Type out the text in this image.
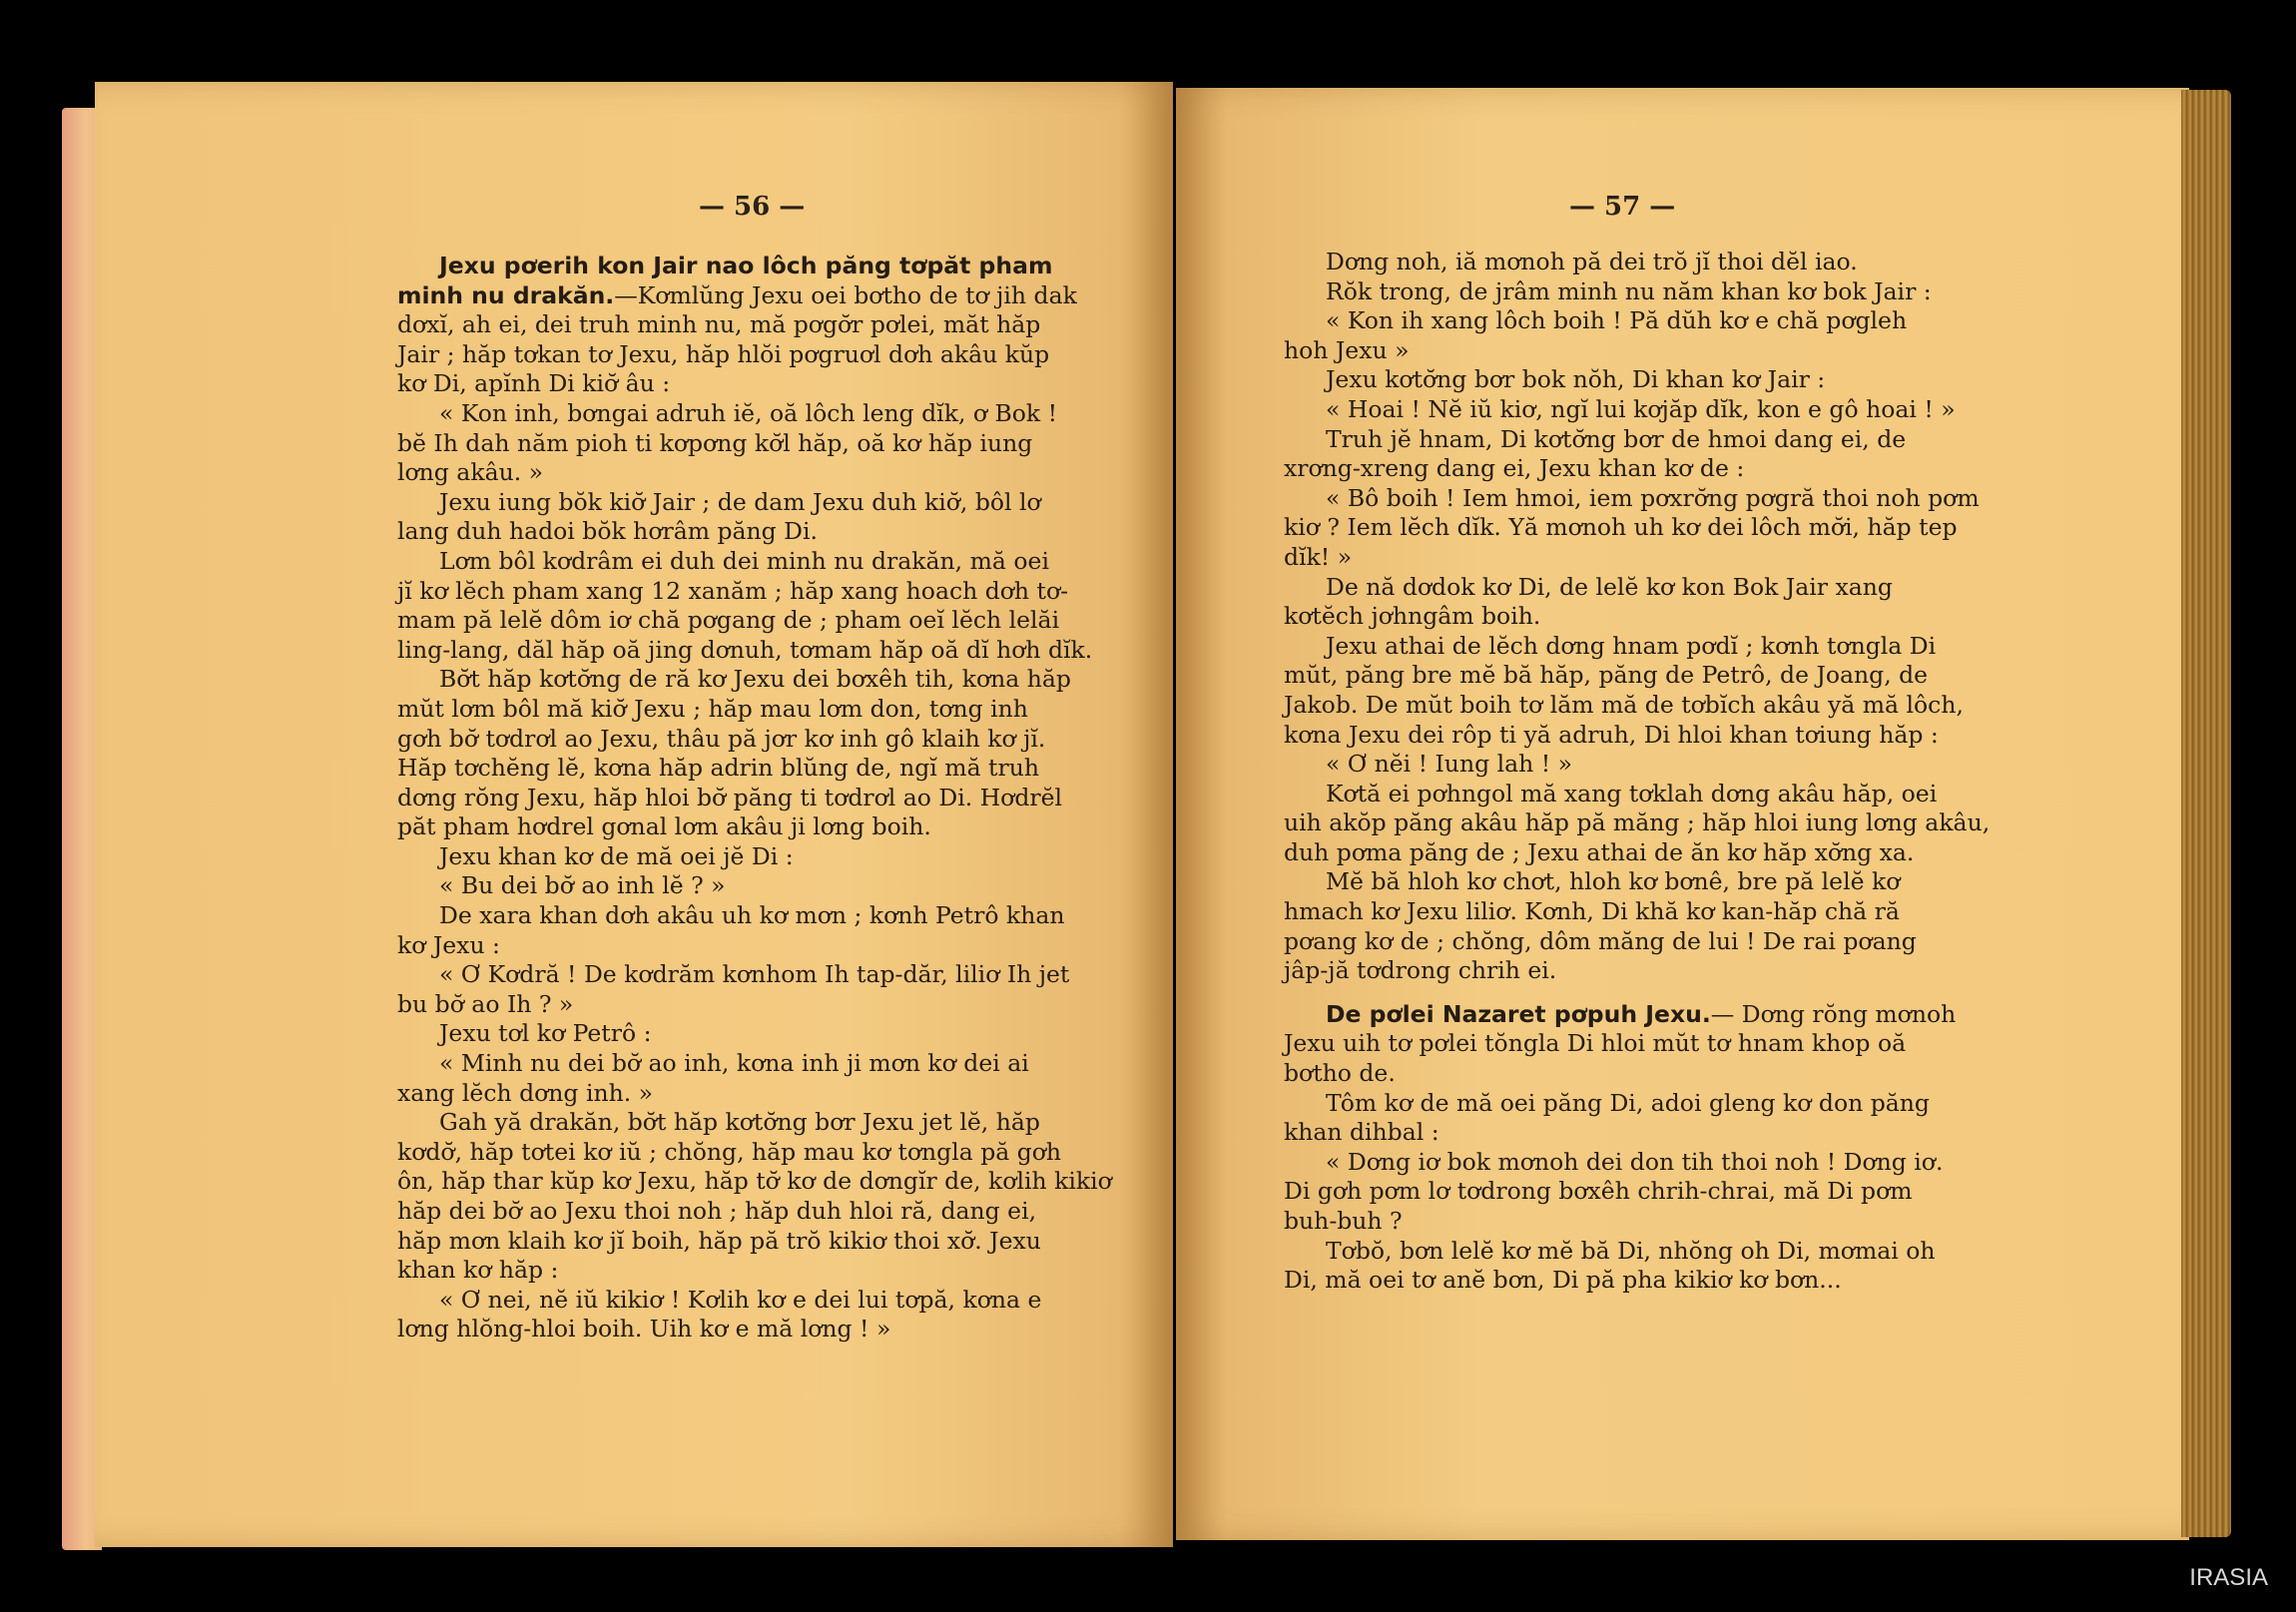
— 56 —	— 57 —

Jexu pơerih kon Jair nao lôch păng tơpăt pham

minh nu drakăn.—Kơmlŭng Jexu oei bơtho de tơ jih dak

dơxĭ, ah ei, dei truh minh nu, mă pơgơ̆r pơlei, măt hăp

Jair ; hăp tơkan tơ Jexu, hăp hlŏi pơgruơl dơh akâu kŭp

kơ Di, apĭnh Di kiơ̆ âu :

« Kon inh, bơngai adruh iĕ, oă lôch leng dĭk, ơ Bok !

bĕ Ih dah năm pioh ti kơpơng kơ̆l hăp, oă kơ hăp iung

lơng akâu. »

Jexu iung bŏk kiơ̆ Jair ; de dam Jexu duh kiơ̆, bôl lơ

lang duh hadoi bŏk hơrâm păng Di.

Lơm bôl kơdrâm ei duh dei minh nu drakăn, mă oei

jĭ kơ lĕch pham xang 12 xanăm ; hăp xang hoach dơh tơ-

mam pă lelĕ dôm iơ chă pơgang de ; pham oeĭ lĕch lelăi

ling-lang, dăl hăp oă jing dơnuh, tơmam hăp oă dĭ hơh dĭk.

Bơ̆t hăp kơtơ̆ng de ră kơ Jexu dei bơxêh tih, kơna hăp

mŭt lơm bôl mă kiơ̆ Jexu ; hăp mau lơm don, tơng inh

gơh bơ̆ tơdrơl ao Jexu, thâu pă jơr kơ inh gô klaih kơ jĭ.

Hăp tơchĕng lĕ, kơna hăp adrin blŭng de, ngĭ mă truh

dơng rŏng Jexu, hăp hloi bơ̆ păng ti tơdrơl ao Di. Hơdrĕl

păt pham hơdrel gơnal lơm akâu ji lơng boih.

Jexu khan kơ de mă oei jĕ Di :

« Bu dei bơ̆ ao inh lĕ ? »

De xara khan dơh akâu uh kơ mơn ; kơnh Petrô khan

kơ Jexu :

« Ơ Kơdră ! De kơdrăm kơnhom Ih tap-dăr, liliơ Ih jet

bu bơ̆ ao Ih ? »

Jexu tơl kơ Petrô :

« Minh nu dei bơ̆ ao inh, kơna inh ji mơn kơ dei ai

xang lĕch dơng inh. »

Gah yă drakăn, bơ̆t hăp kơtơ̆ng bơr Jexu jet lĕ, hăp

kơdơ̆, hăp tơtei kơ iŭ ; chŏng, hăp mau kơ tơngla pă gơh

ôn, hăp thar kŭp kơ Jexu, hăp tơ̆ kơ de dơngĭr de, kơlih kikiơ

hăp dei bơ̆ ao Jexu thoi noh ; hăp duh hloi ră, dang ei,

hăp mơn klaih kơ jĭ boih, hăp pă trŏ kikiơ thoi xơ̆. Jexu

khan kơ hăp :

« Ơ nei, nĕ iŭ kikiơ ! Kơlih kơ e dei lui tơpă, kơna e

lơng hlŏng-hloi boih. Uih kơ e mă lơng ! »

Dơng noh, iă mơnoh pă dei trŏ jĭ thoi dĕl iao.

Rŏk trong, de jrâm minh nu năm khan kơ bok Jair :

« Kon ih xang lôch boih ! Pă dŭh kơ e chă pơgleh

hoh Jexu »

Jexu kơtơ̆ng bơr bok nŏh, Di khan kơ Jair :

« Hoai ! Nĕ iŭ kiơ, ngĭ lui kơjăp dĭk, kon e gô hoai ! »

Truh jĕ hnam, Di kơtơ̆ng bơr de hmoi dang ei, de

xrơng-xreng dang ei, Jexu khan kơ de :

« Bô boih ! Iem hmoi, iem pơxrơ̆ng pơgră thoi noh pơm

kiơ ? Iem lĕch dĭk. Yă mơnoh uh kơ dei lôch mơ̆i, hăp tep

dĭk! »

De nă dơdok kơ Di, de lelĕ kơ kon Bok Jair xang

kơtĕch jơhngâm boih.

Jexu athai de lĕch dơng hnam pơdĭ ; kơnh tơngla Di

mŭt, păng bre mĕ bă hăp, păng de Petrô, de Joang, de

Jakob. De mŭt boih tơ lăm mă de tơbĭch akâu yă mă lôch,

kơna Jexu dei rôp ti yă adruh, Di hloi khan tơiung hăp :

« Ơ nĕi ! Iung lah ! »

Kơtă ei pơhngol mă xang tơklah dơng akâu hăp, oei

uih akŏp păng akâu hăp pă măng ; hăp hloi iung lơng akâu,

duh pơma păng de ; Jexu athai de ăn kơ hăp xơ̆ng xa.

Mĕ bă hloh kơ chơt, hloh kơ bơnê, bre pă lelĕ kơ

hmach kơ Jexu liliơ. Kơnh, Di khă kơ kan-hăp chă ră

pơang kơ de ; chŏng, dôm măng de lui ! De rai pơang

jâp-jă tơdrong chrih ei.

De pơlei Nazaret pơpuh Jexu.— Dơng rŏng mơnoh

Jexu uih tơ pơlei tŏngla Di hloi mŭt tơ hnam khop oă

bơtho de.

Tôm kơ de mă oei păng Di, adoi gleng kơ don păng

khan dihbal :

« Dơng iơ bok mơnoh dei don tih thoi noh ! Dơng iơ.

Di gơh pơm lơ tơdrong bơxêh chrih-chrai, mă Di pơm

buh-buh ?

Tơbŏ, bơn lelĕ kơ mĕ bă Di, nhŏng oh Di, mơmai oh

Di, mă oei tơ anĕ bơn, Di pă pha kikiơ kơ bơn...

IRASIA
